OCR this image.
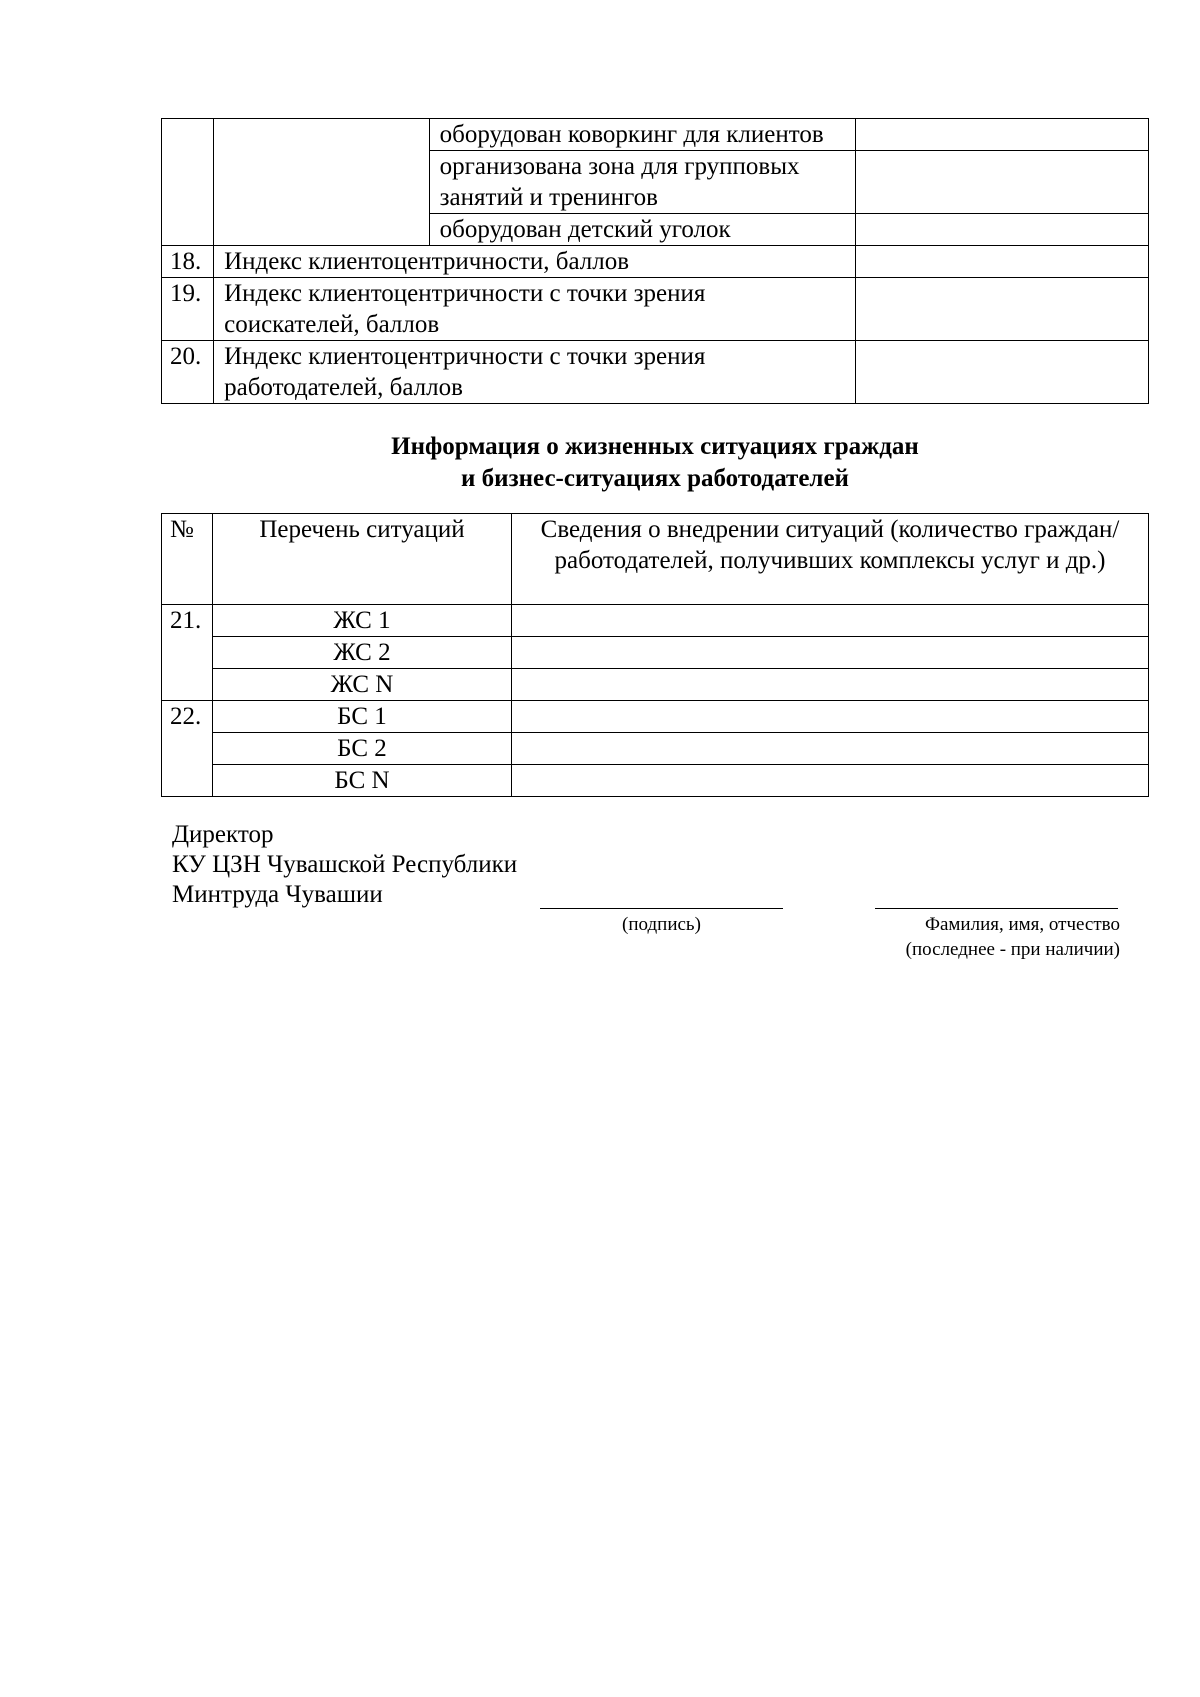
		оборудован коворкинг для клиентов	
		организована зона для групповых занятий и тренингов	
		оборудован детский уголок	
18.	Индекс клиентоцентричности, баллов		
19.	Индекс клиентоцентричности с точки зрения соискателей, баллов		
20.	Индекс клиентоцентричности с точки зрения работодателей, баллов		
Информация о жизненных ситуациях граждан
и бизнес-ситуациях работодателей
№	Перечень ситуаций	Сведения о внедрении ситуаций (количество граждан/ работодателей, получивших комплексы услуг и др.)
21.	ЖС 1	
	ЖС 2	
	ЖС N	
22.	БС 1	
	БС 2	
	БС N	
Директор
КУ ЦЗН Чувашской Республики
Минтруда Чувашии
(подпись)	Фамилия, имя, отчество
(последнее - при наличии)
